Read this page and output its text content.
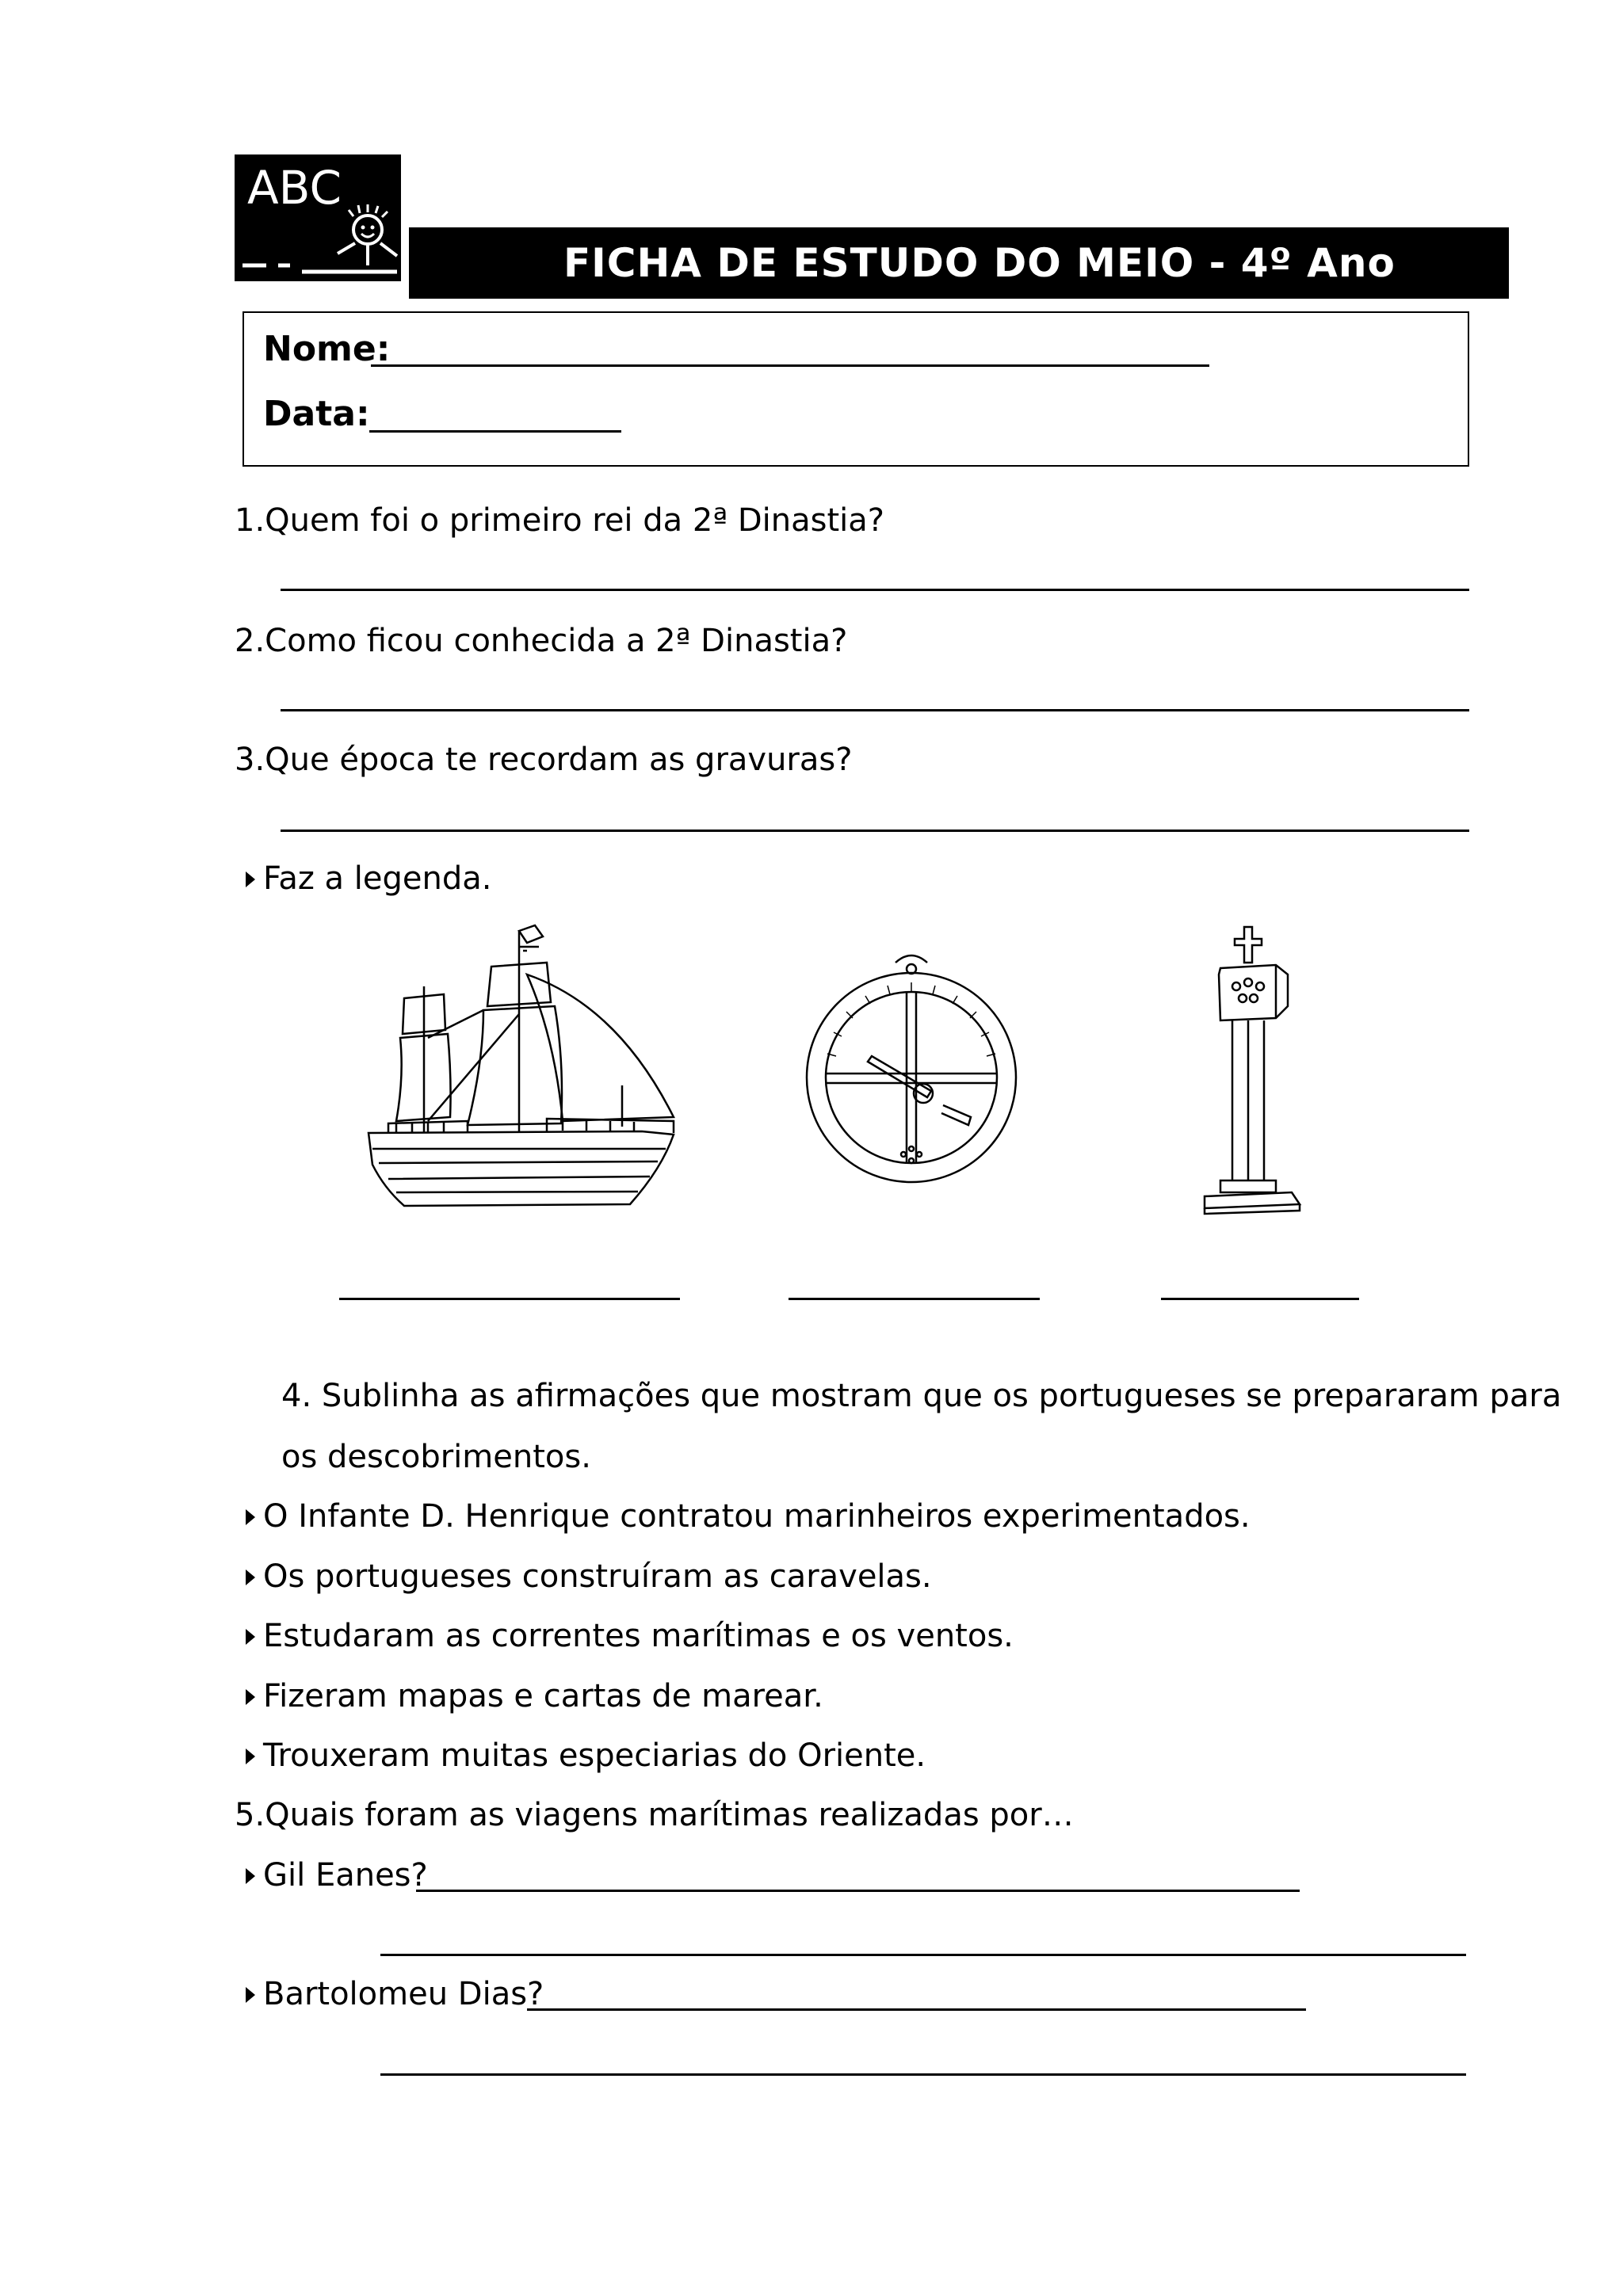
ABC
FICHA DE ESTUDO DO MEIO - 4º Ano
Nome:
Data:
1.Quem foi o primeiro rei da 2ª Dinastia?
2.Como ficou conhecida a 2ª Dinastia?
3.Que época te recordam as gravuras?
Faz a legenda.
4. Sublinha as afirmações que mostram que os portugueses se prepararam para
os descobrimentos.
O Infante D. Henrique contratou marinheiros experimentados.
Os portugueses construíram as caravelas.
Estudaram as correntes marítimas e os ventos.
Fizeram mapas e cartas de marear.
Trouxeram muitas especiarias do Oriente.
5.Quais foram as viagens marítimas realizadas por…
Gil Eanes?
Bartolomeu Dias?
